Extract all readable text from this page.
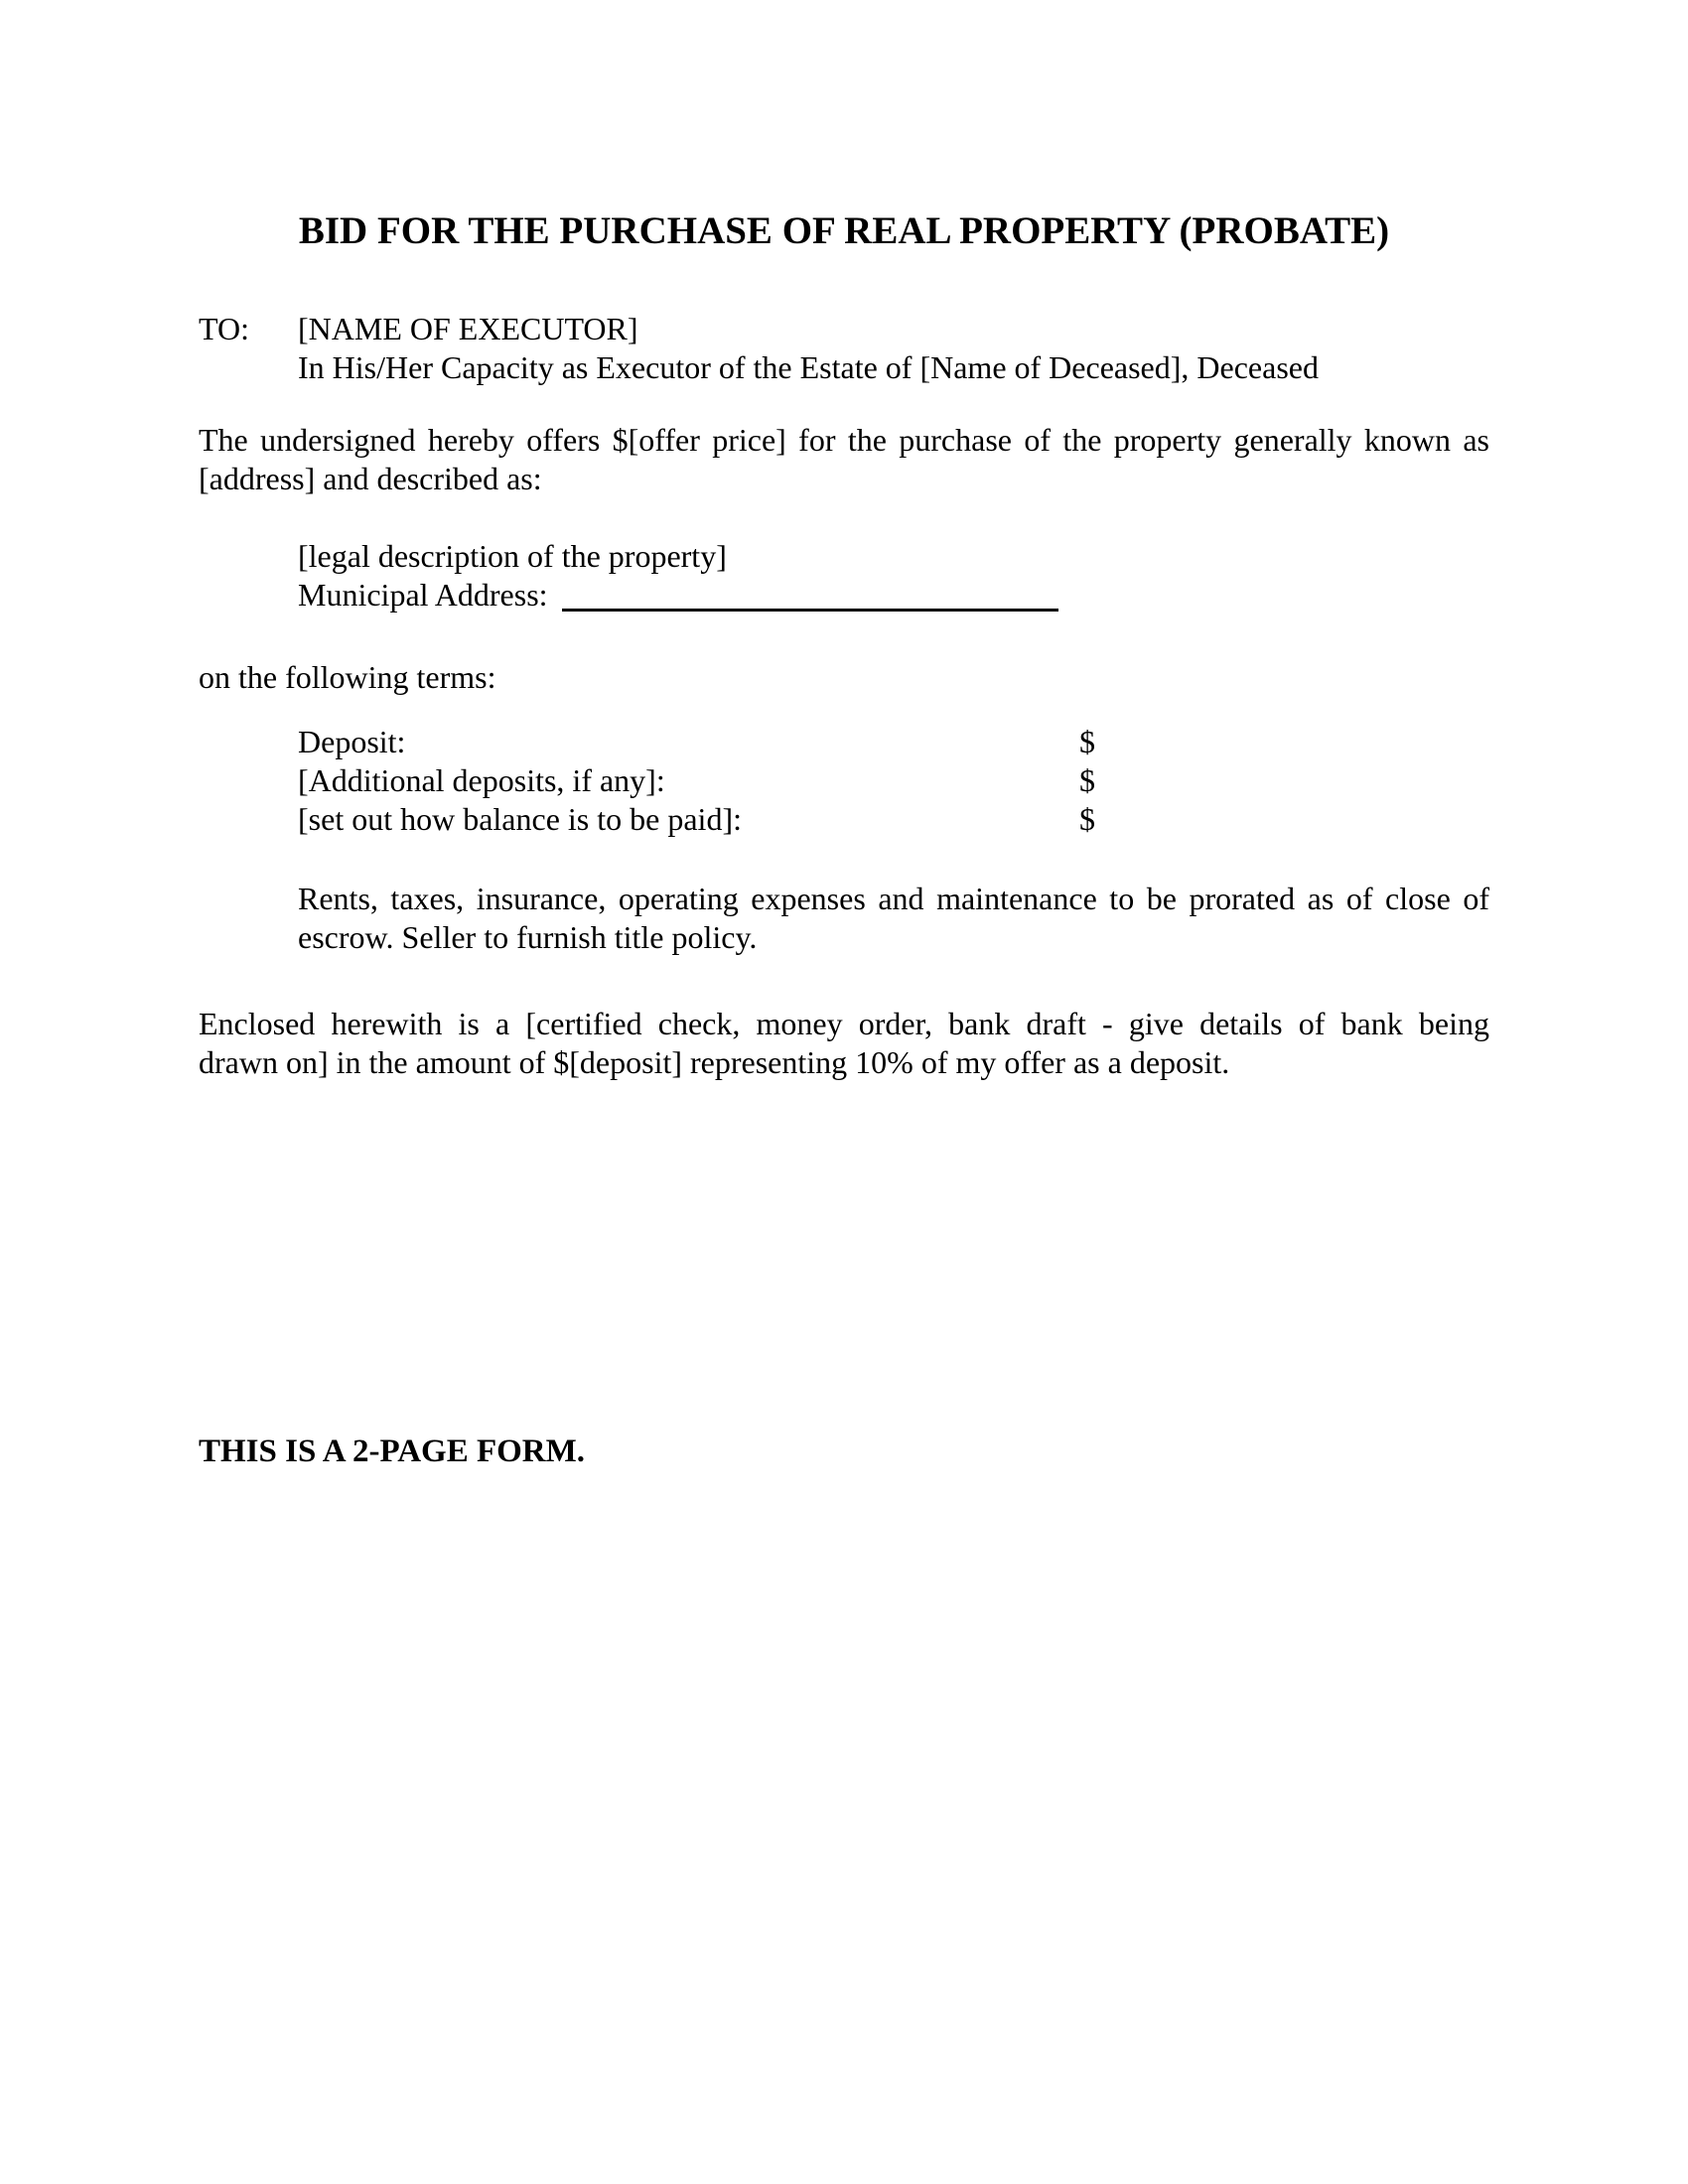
BID FOR THE PURCHASE OF REAL PROPERTY (PROBATE)
TO: [NAME OF EXECUTOR]
In His/Her Capacity as Executor of the Estate of [Name of Deceased], Deceased
The undersigned hereby offers $[offer price] for the purchase of the property generally known as
[address] and described as:
[legal description of the property]
Municipal Address:
on the following terms:
Deposit:	$
[Additional deposits, if any]:	$
[set out how balance is to be paid]:	$
Rents, taxes, insurance, operating expenses and maintenance to be prorated as of close of
escrow. Seller to furnish title policy.
Enclosed herewith is a [certified check, money order, bank draft - give details of bank being
drawn on] in the amount of $[deposit] representing 10% of my offer as a deposit.
THIS IS A 2-PAGE FORM.
